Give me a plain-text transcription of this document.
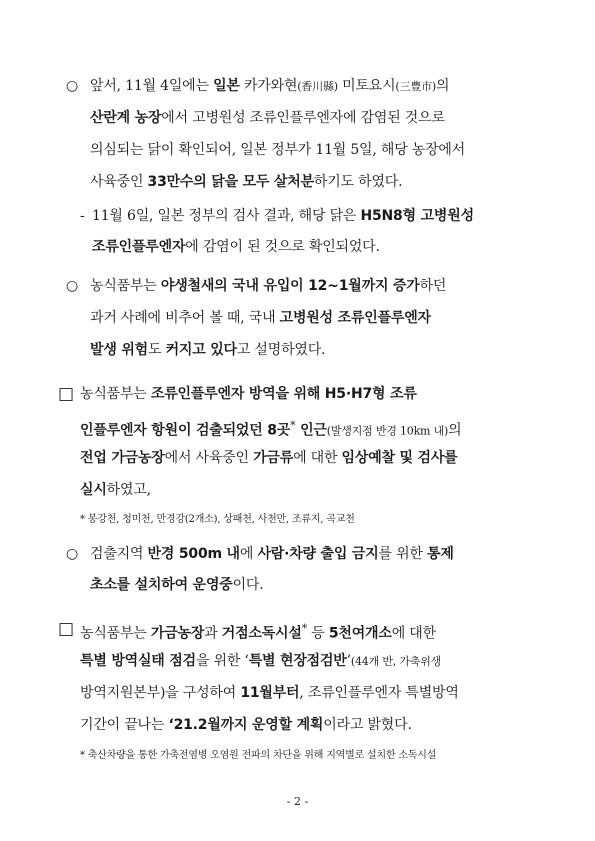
○ 앞서, 11월 4일에는 일본 카가와현(香川縣) 미토요시(三豊市)의
산란계 농장에서 고병원성 조류인플루엔자에 감염된 것으로
의심되는 닭이 확인되어, 일본 정부가 11월 5일, 해당 농장에서
사육중인 33만수의 닭을 모두 살처분하기도 하였다.
- 11월 6일, 일본 정부의 검사 결과, 해당 닭은 H5N8형 고병원성
조류인플루엔자에 감염이 된 것으로 확인되었다.
○ 농식품부는 야생철새의 국내 유입이 12~1월까지 증가하던
과거 사례에 비추어 볼 때, 국내 고병원성 조류인플루엔자
발생 위험도 커지고 있다고 설명하였다.
□ 농식품부는 조류인플루엔자 방역을 위해 H5·H7형 조류
인플루엔자 항원이 검출되었던 8곳* 인근(발생지점 반경 10km 내)의
전업 가금농장에서 사육중인 가금류에 대한 임상예찰 및 검사를
실시하였고,
* 봉강천, 청미천, 만경강(2개소), 상패천, 사천만, 조류지, 곡교천
○ 검출지역 반경 500m 내에 사람·차량 출입 금지를 위한 통제
초소를 설치하여 운영중이다.
□ 농식품부는 가금농장과 거점소독시설* 등 5천여개소에 대한
특별 방역실태 점검을 위한 ‘특별 현장점검반’(44개 반, 가축위생
방역지원본부)을 구성하여 11월부터, 조류인플루엔자 특별방역
기간이 끝나는 ‘21.2월까지 운영할 계획이라고 밝혔다.
* 축산차량을 통한 가축전염병 오염원 전파의 차단을 위해 지역별로 설치한 소독시설
- 2 -
